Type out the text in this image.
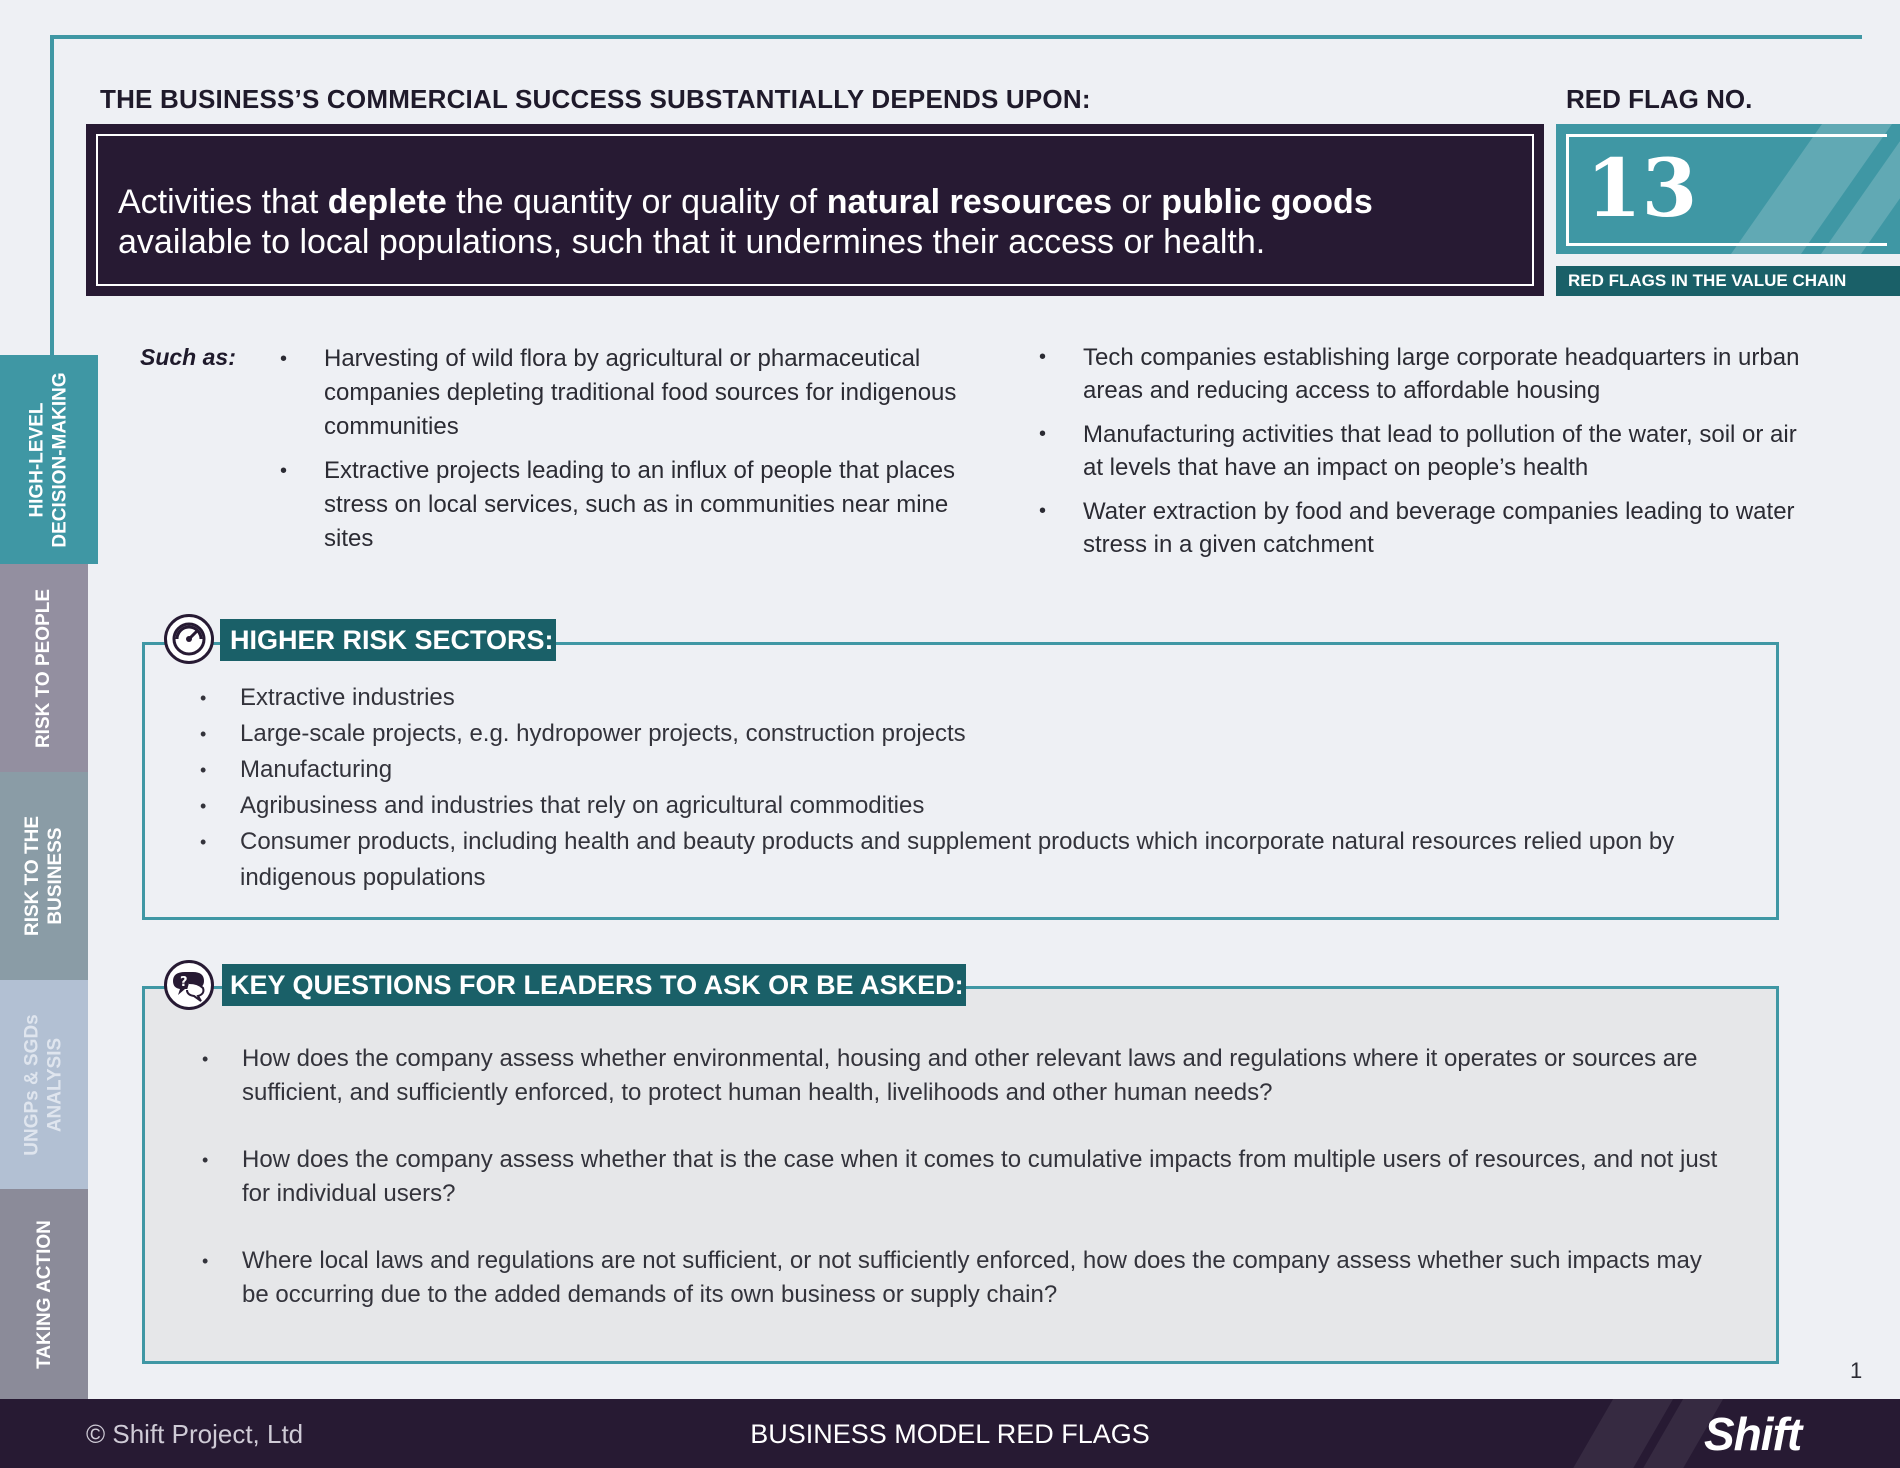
THE BUSINESS’S COMMERCIAL SUCCESS SUBSTANTIALLY DEPENDS UPON:	RED FLAG NO.
Activities that deplete the quantity or quality of natural resources or public goods
available to local populations, such that it undermines their access or health.
13
RED FLAGS IN THE VALUE CHAIN
HIGH-LEVEL DECISION-MAKING
RISK TO PEOPLE
RISK TO THE BUSINESS
UNGPs & SGDs ANALYSIS
TAKING ACTION
Such as:
•	Harvesting of wild flora by agricultural or pharmaceutical companies depleting traditional food sources for indigenous communities
• Extractive projects leading to an influx of people that places stress on local services, such as in communities near mine sites
• Tech companies establishing large corporate headquarters in urban areas and reducing access to affordable housing
• Manufacturing activities that lead to pollution of the water, soil or air at levels that have an impact on people’s health
• Water extraction by food and beverage companies leading to water stress in a given catchment
HIGHER RISK SECTORS:
• Extractive industries
• Large-scale projects, e.g. hydropower projects, construction projects
• Manufacturing
• Agribusiness and industries that rely on agricultural commodities
• Consumer products, including health and beauty products and supplement products which incorporate natural resources relied upon by indigenous populations
KEY QUESTIONS FOR LEADERS TO ASK OR BE ASKED:
?
• How does the company assess whether environmental, housing and other relevant laws and regulations where it operates or sources are sufficient, and sufficiently enforced, to protect human health, livelihoods and other human needs?
• How does the company assess whether that is the case when it comes to cumulative impacts from multiple users of resources, and not just for individual users?
• Where local laws and regulations are not sufficient, or not sufficiently enforced, how does the company assess whether such impacts may be occurring due to the added demands of its own business or supply chain?
1
© Shift Project, Ltd	BUSINESS MODEL RED FLAGS	Shift
